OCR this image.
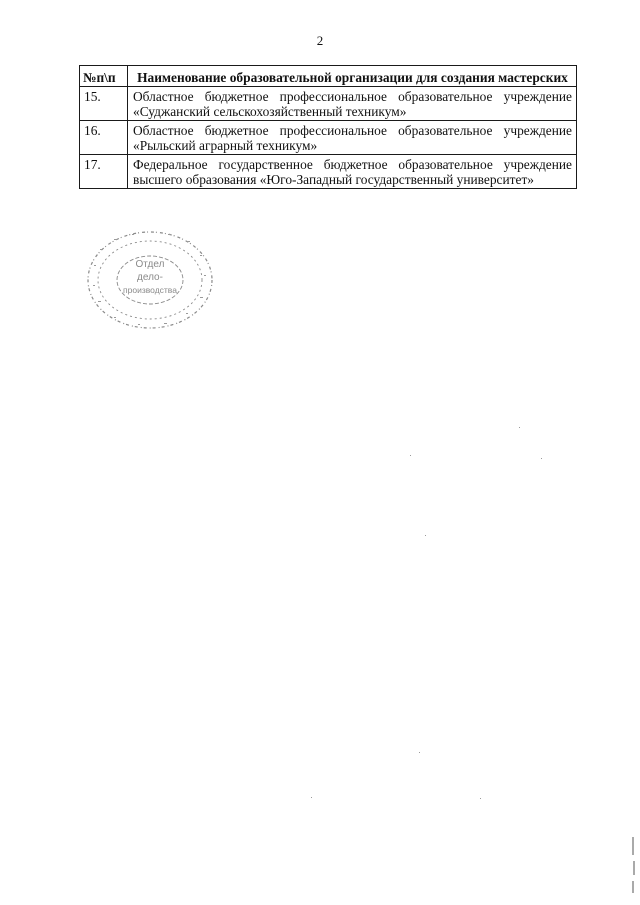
2
№п\п	Наименование образовательной организации для создания мастерских
15.	Областное бюджетное профессиональное образовательное учреждение «Суджанский сельскохозяйственный техникум»
16.	Областное бюджетное профессиональное образовательное учреждение «Рыльский аграрный техникум»
17.	Федеральное государственное бюджетное образовательное учреждение высшего образования «Юго-Западный государственный университет»
Отдел
дело-
производства
